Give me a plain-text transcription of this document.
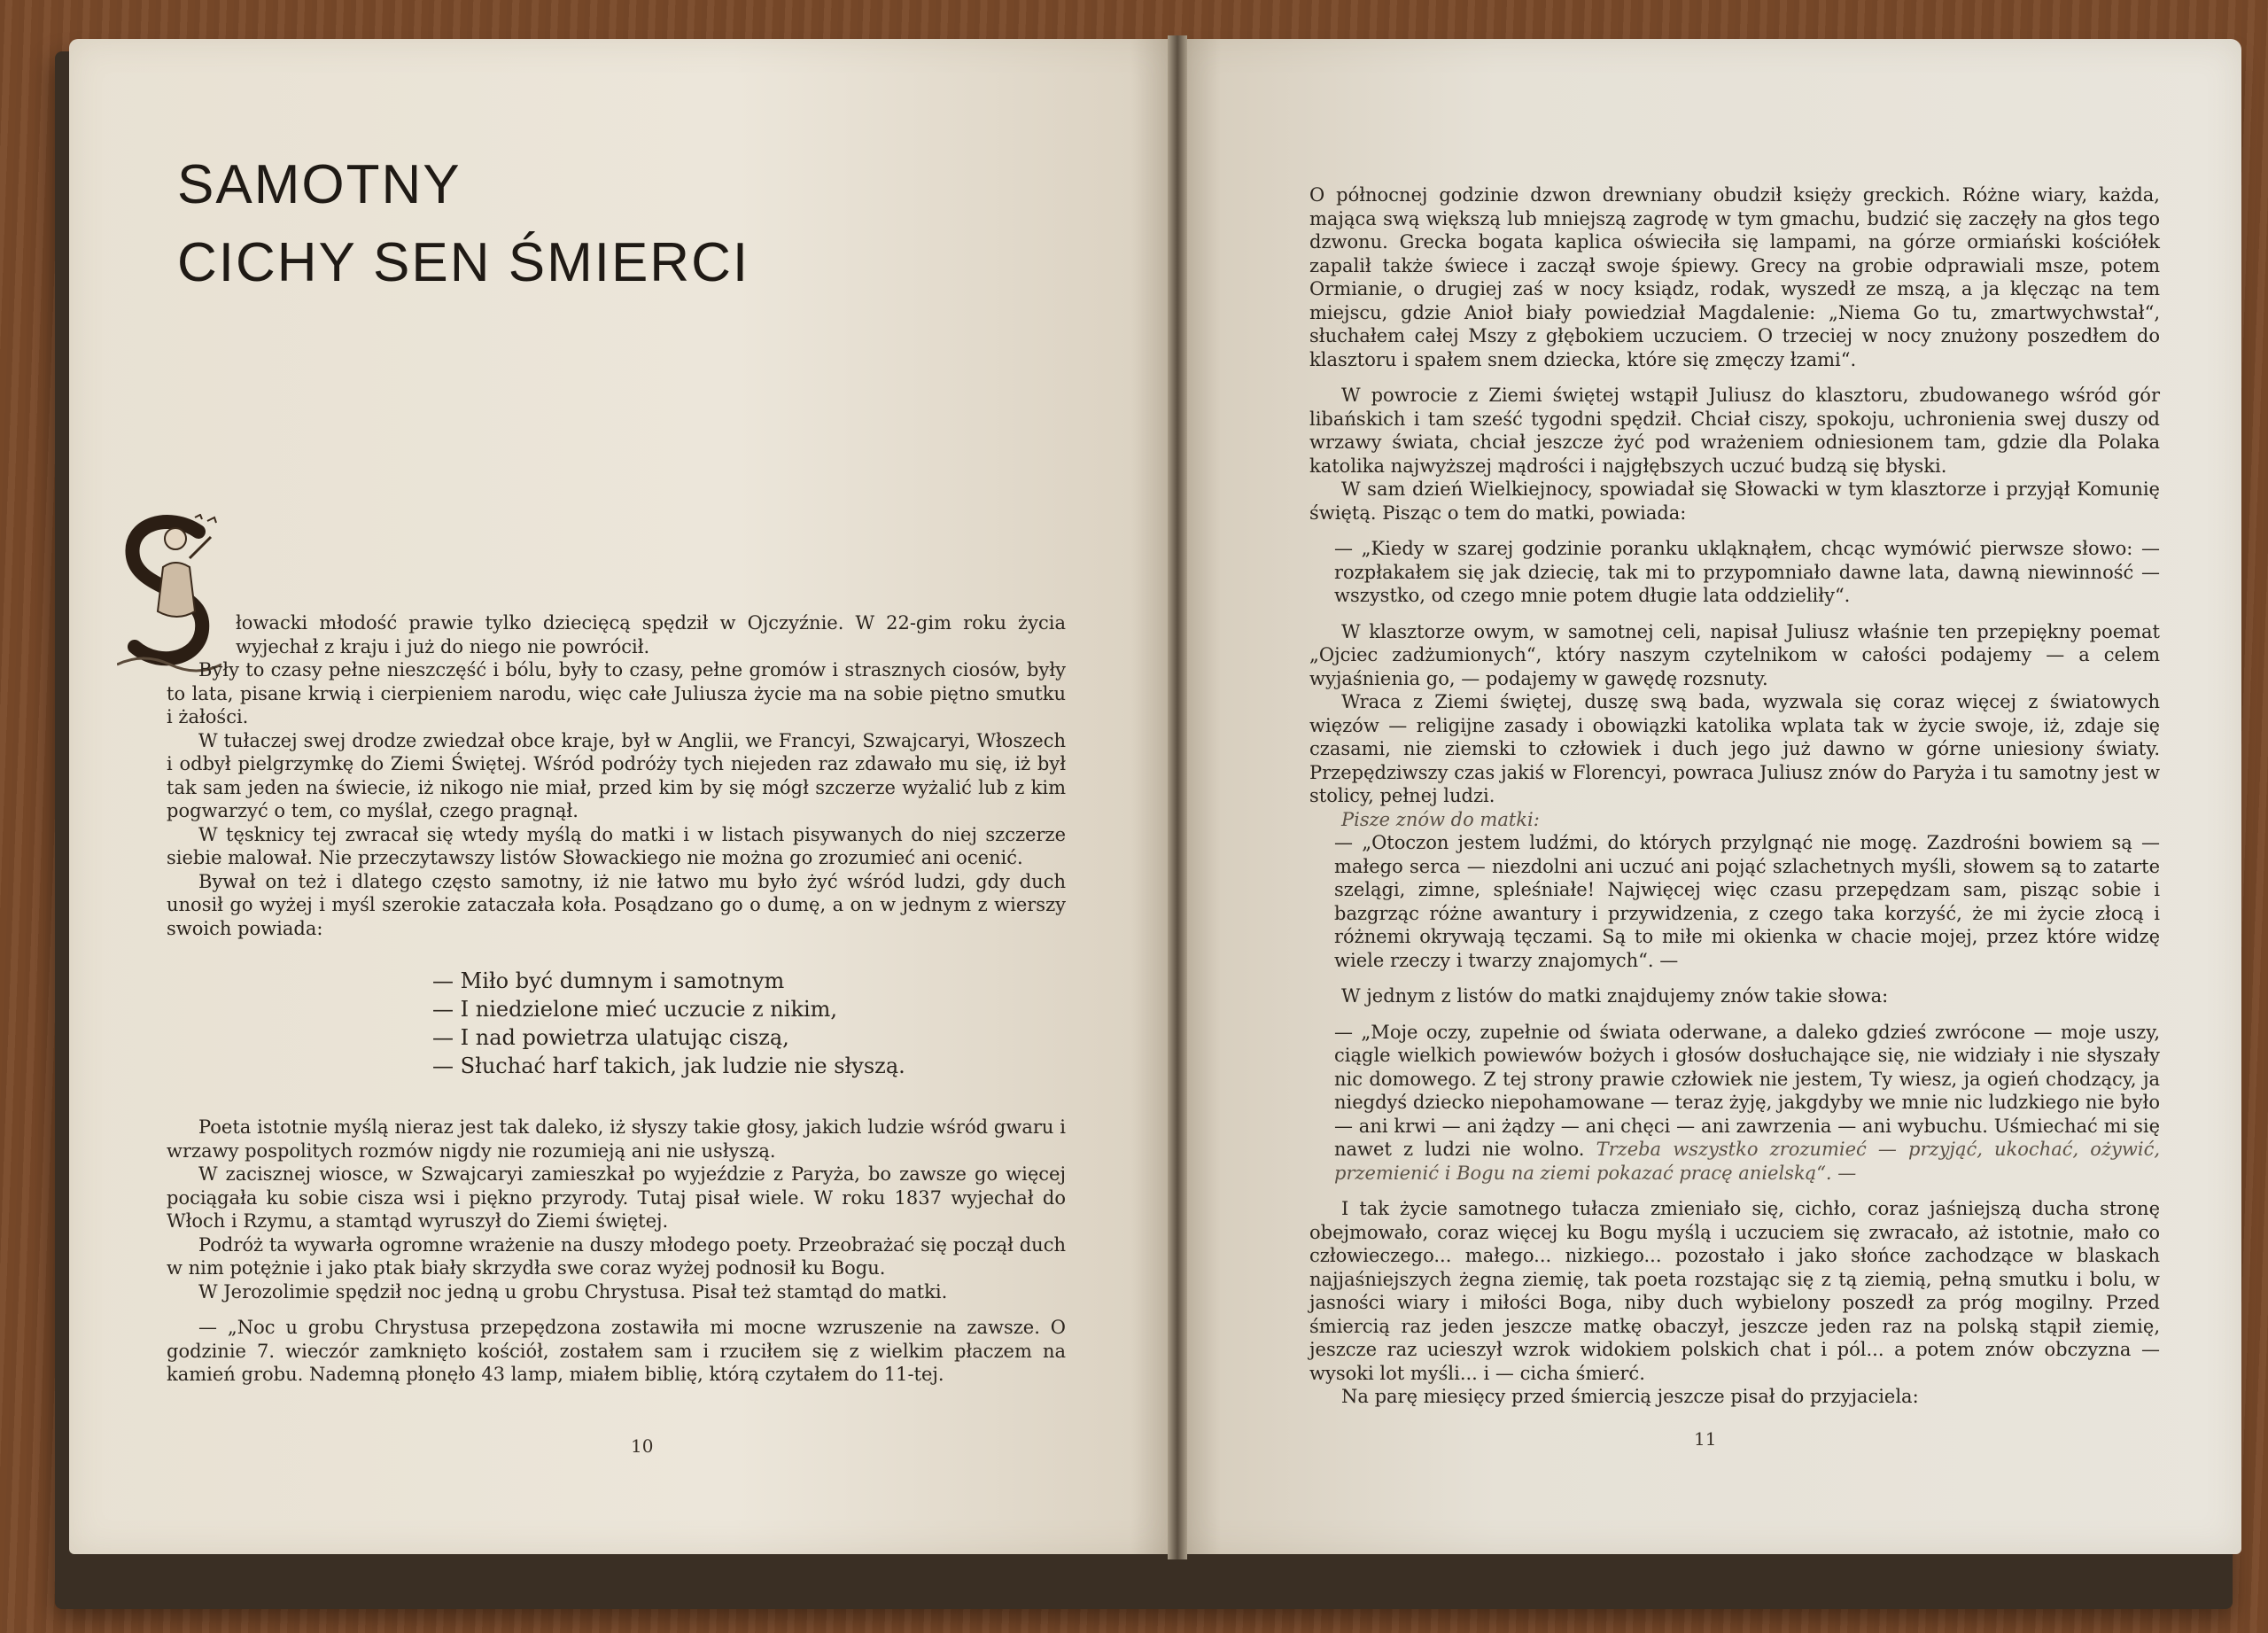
SAMOTNY
CICHY SEN ŚMIERCI

łowacki młodość prawie tylko dziecięcą spędził w Ojczyźnie. W 22-gim roku życia wyjechał z kraju i już do niego nie powrócił.

Były to czasy pełne nieszczęść i bólu, były to czasy, pełne gromów i strasznych ciosów, były to lata, pisane krwią i cierpieniem narodu, więc całe Juliusza życie ma na sobie piętno smutku i żałości.

W tułaczej swej drodze zwiedzał obce kraje, był w Anglii, we Francyi, Szwajcaryi, Włoszech i odbył pielgrzymkę do Ziemi Świętej. Wśród podróży tych niejeden raz zdawało mu się, iż był tak sam jeden na świecie, iż nikogo nie miał, przed kim by się mógł szczerze wyżalić lub z kim pogwarzyć o tem, co myślał, czego pragnął.

W tęsknicy tej zwracał się wtedy myślą do matki i w listach pisywanych do niej szczerze siebie malował. Nie przeczytawszy listów Słowackiego nie można go zrozumieć ani ocenić.

Bywał on też i dlatego często samotny, iż nie łatwo mu było żyć wśród ludzi, gdy duch unosił go wyżej i myśl szerokie zataczała koła. Posądzano go o dumę, a on w jednym z wierszy swoich powiada:

— Miło być dumnym i samotnym
— I niedzielone mieć uczucie z nikim,
— I nad powietrza ulatując ciszą,
— Słuchać harf takich, jak ludzie nie słyszą.

Poeta istotnie myślą nieraz jest tak daleko, iż słyszy takie głosy, jakich ludzie wśród gwaru i wrzawy pospolitych rozmów nigdy nie rozumieją ani nie usłyszą.

W zacisznej wiosce, w Szwajcaryi zamieszkał po wyjeździe z Paryża, bo zawsze go więcej pociągała ku sobie cisza wsi i piękno przyrody. Tutaj pisał wiele. W roku 1837 wyjechał do Włoch i Rzymu, a stamtąd wyruszył do Ziemi świętej.

Podróż ta wywarła ogromne wrażenie na duszy młodego poety. Przeobrażać się począł duch w nim potężnie i jako ptak biały skrzydła swe coraz wyżej podnosił ku Bogu.

W Jerozolimie spędził noc jedną u grobu Chrystusa. Pisał też stamtąd do matki.

— „Noc u grobu Chrystusa przepędzona zostawiła mi mocne wzruszenie na zawsze. O godzinie 7. wieczór zamknięto kościół, zostałem sam i rzuciłem się z wielkim płaczem na kamień grobu. Nademną płonęło 43 lamp, miałem biblię, którą czytałem do 11-tej.

10

O północnej godzinie dzwon drewniany obudził księży greckich. Różne wiary, każda, mająca swą większą lub mniejszą zagrodę w tym gmachu, budzić się zaczęły na głos tego dzwonu. Grecka bogata kaplica oświeciła się lampami, na górze ormiański kościółek zapalił także świece i zaczął swoje śpiewy. Grecy na grobie odprawiali msze, potem Ormianie, o drugiej zaś w nocy ksiądz, rodak, wyszedł ze mszą, a ja klęcząc na tem miejscu, gdzie Anioł biały powiedział Magdalenie: „Niema Go tu, zmartwychwstał“, słuchałem całej Mszy z głębokiem uczuciem. O trzeciej w nocy znużony poszedłem do klasztoru i spałem snem dziecka, które się zmęczy łzami“.

W powrocie z Ziemi świętej wstąpił Juliusz do klasztoru, zbudowanego wśród gór libańskich i tam sześć tygodni spędził. Chciał ciszy, spokoju, uchronienia swej duszy od wrzawy świata, chciał jeszcze żyć pod wrażeniem odniesionem tam, gdzie dla Polaka katolika najwyższej mądrości i najgłębszych uczuć budzą się błyski.

W sam dzień Wielkiejnocy, spowiadał się Słowacki w tym klasztorze i przyjął Komunię świętą. Pisząc o tem do matki, powiada:

— „Kiedy w szarej godzinie poranku ukląknąłem, chcąc wymówić pierwsze słowo: — rozpłakałem się jak dziecię, tak mi to przypomniało dawne lata, dawną niewinność — wszystko, od czego mnie potem długie lata oddzieliły“.

W klasztorze owym, w samotnej celi, napisał Juliusz właśnie ten przepiękny poemat „Ojciec zadżumionych“, który naszym czytelnikom w całości podajemy — a celem wyjaśnienia go, — podajemy w gawędę rozsnuty.

Wraca z Ziemi świętej, duszę swą bada, wyzwala się coraz więcej z światowych więzów — religijne zasady i obowiązki katolika wplata tak w życie swoje, iż, zdaje się czasami, nie ziemski to człowiek i duch jego już dawno w górne uniesiony światy. Przepędziwszy czas jakiś w Florencyi, powraca Juliusz znów do Paryża i tu samotny jest w stolicy, pełnej ludzi.

Pisze znów do matki:

— „Otoczon jestem ludźmi, do których przylgnąć nie mogę. Zazdrośni bowiem są — małego serca — niezdolni ani uczuć ani pojąć szlachetnych myśli, słowem są to zatarte szelągi, zimne, spleśniałe! Najwięcej więc czasu przepędzam sam, pisząc sobie i bazgrząc różne awantury i przywidzenia, z czego taka korzyść, że mi życie złocą i różnemi okrywają tęczami. Są to miłe mi okienka w chacie mojej, przez które widzę wiele rzeczy i twarzy znajomych“. —

W jednym z listów do matki znajdujemy znów takie słowa:

— „Moje oczy, zupełnie od świata oderwane, a daleko gdzieś zwrócone — moje uszy, ciągle wielkich powiewów bożych i głosów dosłuchające się, nie widziały i nie słyszały nic domowego. Z tej strony prawie człowiek nie jestem, Ty wiesz, ja ogień chodzący, ja niegdyś dziecko niepohamowane — teraz żyję, jakgdyby we mnie nic ludzkiego nie było — ani krwi — ani żądzy — ani chęci — ani zawrzenia — ani wybuchu. Uśmiechać mi się nawet z ludzi nie wolno. Trzeba wszystko zrozumieć — przyjąć, ukochać, ożywić, przemienić i Bogu na ziemi pokazać pracę anielską“. —

I tak życie samotnego tułacza zmieniało się, cichło, coraz jaśniejszą ducha stronę obejmowało, coraz więcej ku Bogu myślą i uczuciem się zwracało, aż istotnie, mało co człowieczego... małego... nizkiego... pozostało i jako słońce zachodzące w blaskach najjaśniejszych żegna ziemię, tak poeta rozstając się z tą ziemią, pełną smutku i bolu, w jasności wiary i miłości Boga, niby duch wybielony poszedł za próg mogilny. Przed śmiercią raz jeden jeszcze matkę obaczył, jeszcze jeden raz na polską stąpił ziemię, jeszcze raz ucieszył wzrok widokiem polskich chat i pól... a potem znów obczyzna — wysoki lot myśli... i — cicha śmierć.

Na parę miesięcy przed śmiercią jeszcze pisał do przyjaciela:

11
